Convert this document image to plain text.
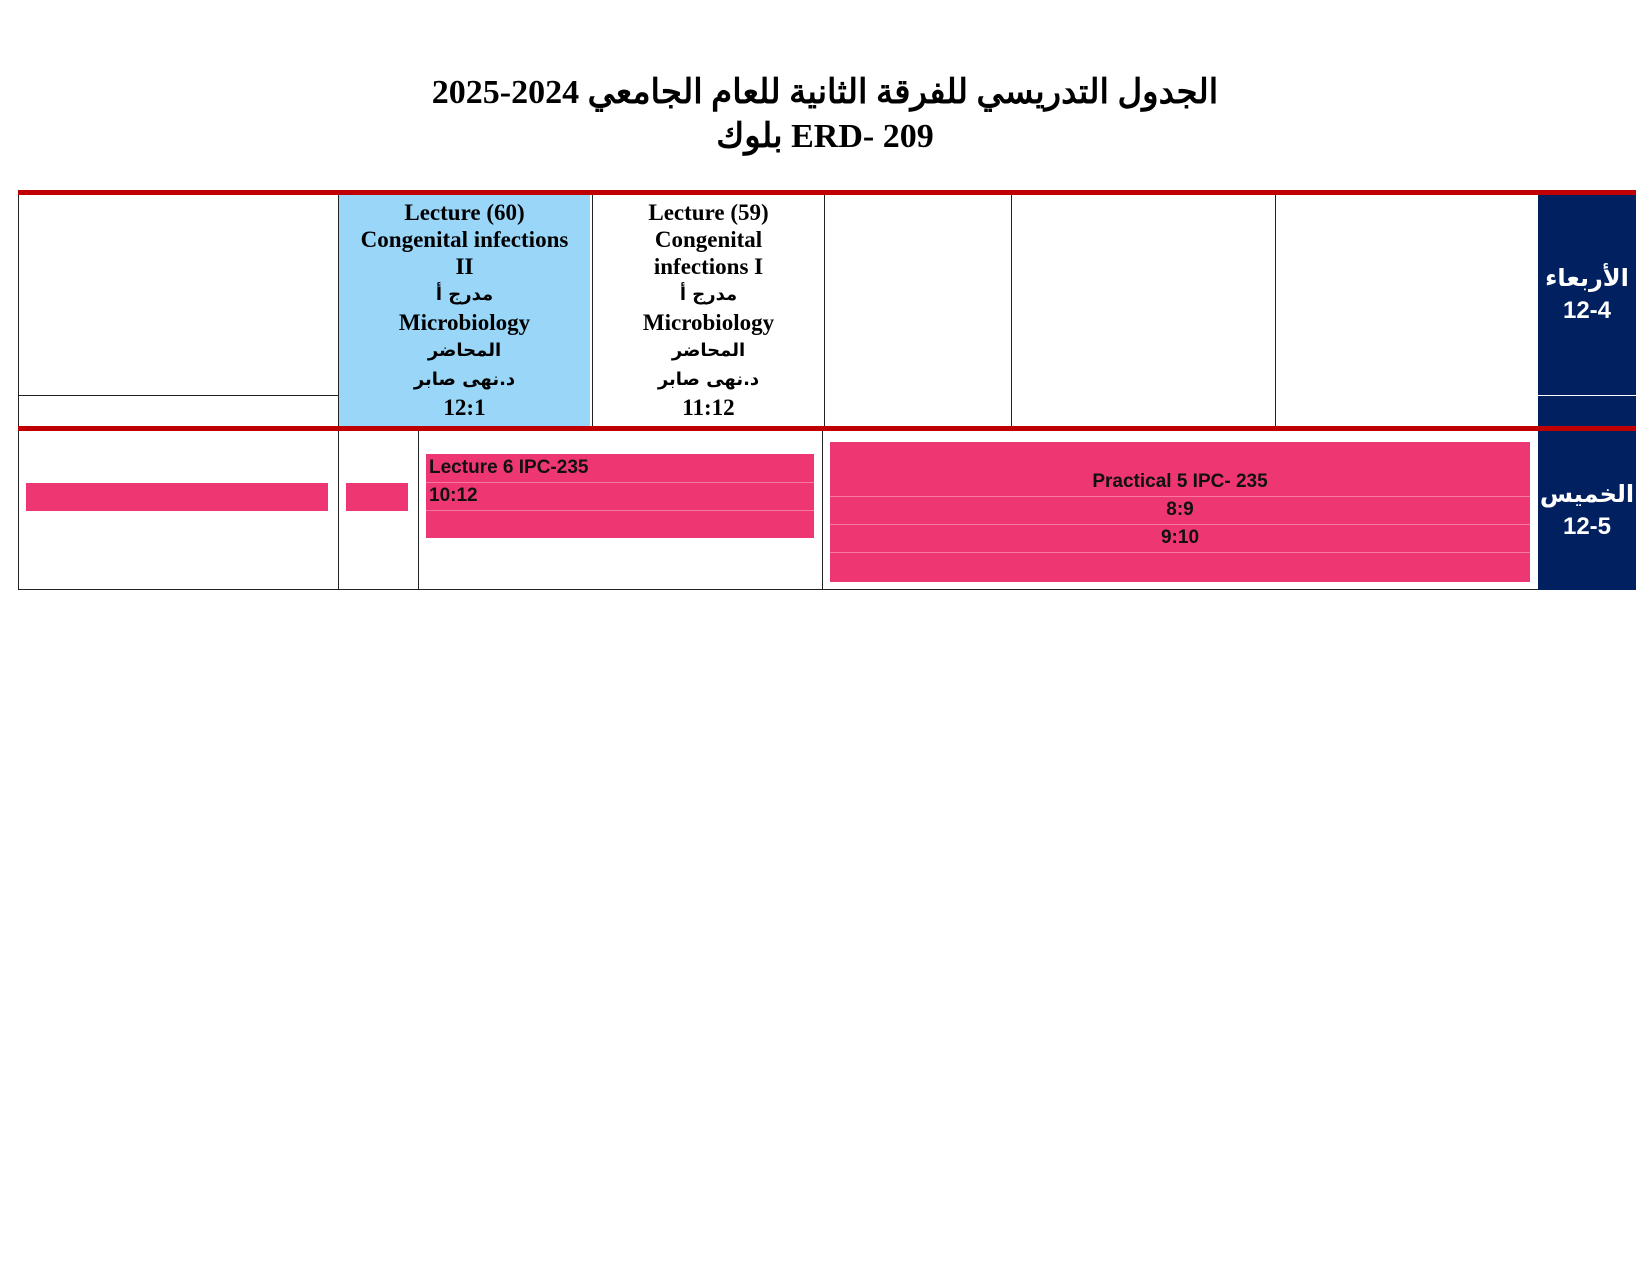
الجدول التدريسي للفرقة الثانية للعام الجامعي 2024-2025
بلوك ERD- 209
Lecture (60)
Congenital infections
II
مدرج أ
Microbiology
المحاضر
د.نهى صابر
12:1
Lecture (59)
Congenital
infections I
مدرج أ
Microbiology
المحاضر
د.نهى صابر
11:12
الأربعاء
12-4
Lecture 6 IPC-235
10:12
Practical 5 IPC- 235
8:9
9:10
الخميس
12-5
